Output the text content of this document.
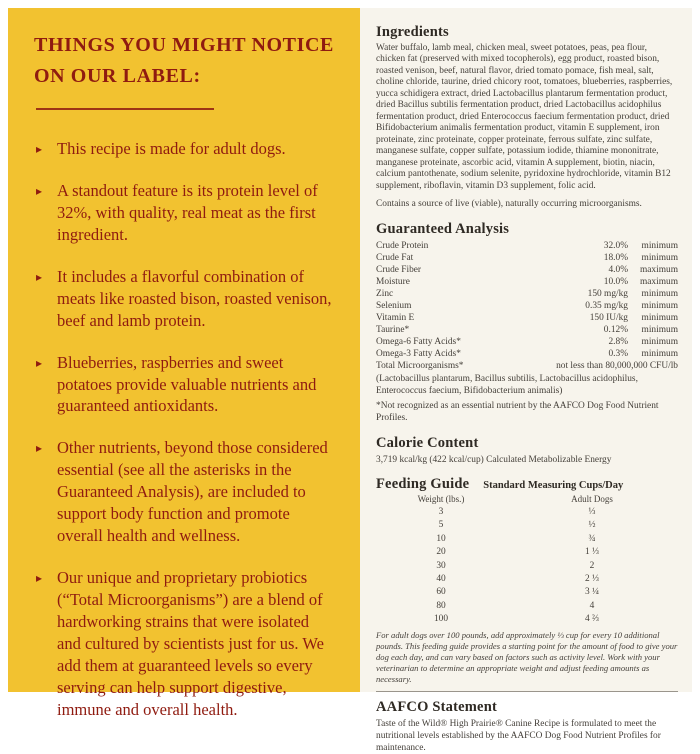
THINGS YOU MIGHT NOTICE ON OUR LABEL:
▸ This recipe is made for adult dogs.
▸ A standout feature is its protein level of 32%, with quality, real meat as the first ingredient.
▸ It includes a flavorful combination of meats like roasted bison, roasted venison, beef and lamb protein.
▸ Blueberries, raspberries and sweet potatoes provide valuable nutrients and guaranteed antioxidants.
▸ Other nutrients, beyond those considered essential (see all the asterisks in the Guaranteed Analysis), are included to support body function and promote overall health and wellness.
▸ Our unique and proprietary probiotics (“Total Microorganisms”) are a blend of hardworking strains that were isolated and cultured by scientists just for us. We add them at guaranteed levels so every serving can help support digestive, immune and overall health.
Ingredients
Water buffalo, lamb meal, chicken meal, sweet potatoes, peas, pea flour, chicken fat (preserved with mixed tocopherols), egg product, roasted bison, roasted venison, beef, natural flavor, dried tomato pomace, fish meal, salt, choline chloride, taurine, dried chicory root, tomatoes, blueberries, raspberries, yucca schidigera extract, dried Lactobacillus plantarum fermentation product, dried Bacillus subtilis fermentation product, dried Lactobacillus acidophilus fermentation product, dried Enterococcus faecium fermentation product, dried Bifidobacterium animalis fermentation product, vitamin E supplement, iron proteinate, zinc proteinate, copper proteinate, ferrous sulfate, zinc sulfate, manganese sulfate, copper sulfate, potassium iodide, thiamine mononitrate, manganese proteinate, ascorbic acid, vitamin A supplement, biotin, niacin, calcium pantothenate, sodium selenite, pyridoxine hydrochloride, vitamin B12 supplement, riboflavin, vitamin D3 supplement, folic acid.
Contains a source of live (viable), naturally occurring microorganisms.
Guaranteed Analysis
Crude Protein	32.0%	minimum
Crude Fat	18.0%	minimum
Crude Fiber	4.0%	maximum
Moisture	10.0%	maximum
Zinc	150 mg/kg	minimum
Selenium	0.35 mg/kg	minimum
Vitamin E	150 IU/kg	minimum
Taurine*	0.12%	minimum
Omega-6 Fatty Acids*	2.8%	minimum
Omega-3 Fatty Acids*	0.3%	minimum
Total Microorganisms*	not less than 80,000,000 CFU/lb
(Lactobacillus plantarum, Bacillus subtilis, Lactobacillus acidophilus, Enterococcus faecium, Bifidobacterium animalis)
*Not recognized as an essential nutrient by the AAFCO Dog Food Nutrient Profiles.
Calorie Content
3,719 kcal/kg (422 kcal/cup) Calculated Metabolizable Energy
Feeding Guide Standard Measuring Cups/Day
Weight (lbs.)	Adult Dogs
3	⅓
5	½
10	¾
20	1 ⅓
30	2
40	2 ⅓
60	3 ¼
80	4
100	4 ⅔
For adult dogs over 100 pounds, add approximately ⅓ cup for every 10 additional pounds. This feeding guide provides a starting point for the amount of food to give your dog each day, and can vary based on factors such as activity level. Work with your veterinarian to determine an appropriate weight and adjust feeding amounts as necessary.
AAFCO Statement
Taste of the Wild® High Prairie® Canine Recipe is formulated to meet the nutritional levels established by the AAFCO Dog Food Nutrient Profiles for maintenance.
